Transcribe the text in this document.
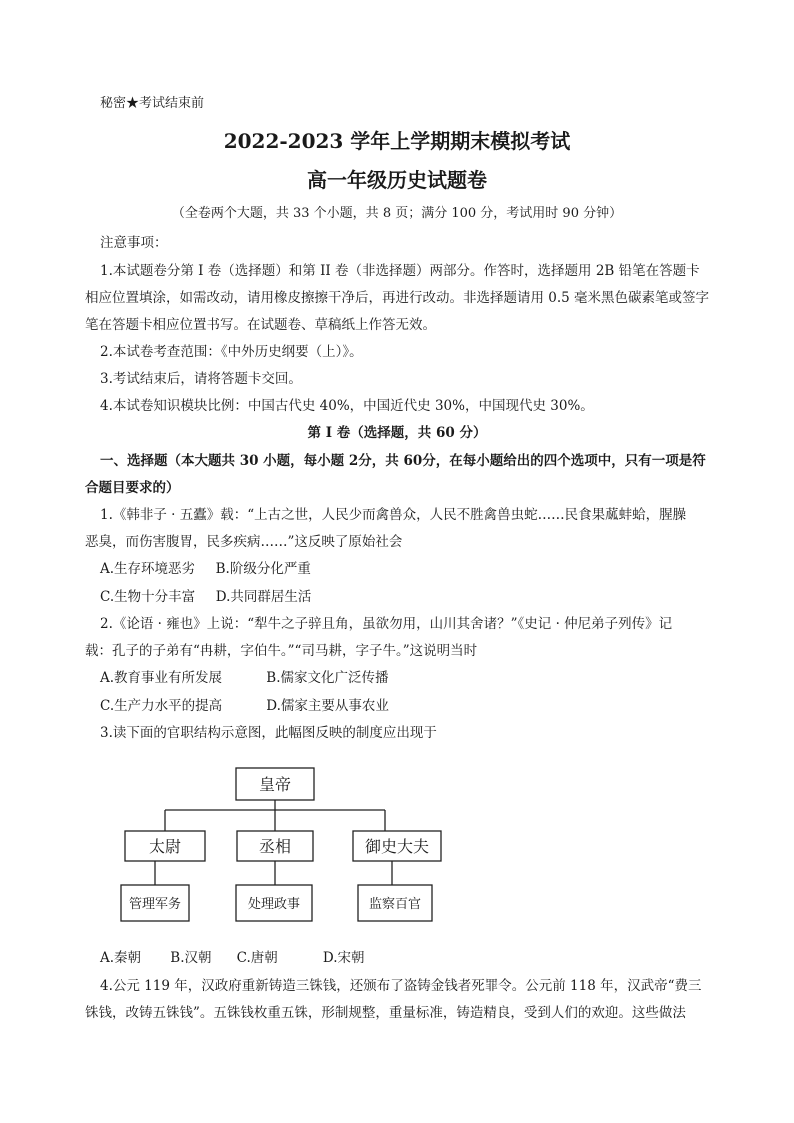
秘密★考试结束前
2022-2023 学年上学期期末模拟考试
高一年级历史试题卷
（全卷两个大题，共 33 个小题，共 8 页；满分 100 分，考试用时 90 分钟）
注意事项：
1.本试题卷分第 I 卷（选择题）和第 II 卷（非选择题）两部分。作答时，选择题用 2B 铅笔在答题卡
相应位置填涂，如需改动，请用橡皮擦擦干净后，再进行改动。非选择题请用 0.5 毫米黑色碳素笔或签字
笔在答题卡相应位置书写。在试题卷、草稿纸上作答无效。
2.本试卷考查范围：《中外历史纲要（上）》。
3.考试结束后，请将答题卡交回。
4.本试卷知识模块比例：中国古代史 40%，中国近代史 30%，中国现代史 30%。
第 I 卷（选择题，共 60 分）
一、选择题（本大题共 30 小题，每小题 2分，共 60分，在每小题给出的四个选项中，只有一项是符
合题目要求的）
1.《韩非子 · 五蠹》载：“上古之世，人民少而禽兽众，人民不胜禽兽虫蛇……民食果蓏蚌蛤，腥臊
恶臭，而伤害腹胃，民多疾病……”这反映了原始社会
A.生存环境恶劣 B.阶级分化严重
C.生物十分丰富 D.共同群居生活
2.《论语 · 雍也》上说：“犁牛之子骍且角，虽欲勿用，山川其舍诸？”《史记 · 仲尼弟子列传》记
载：孔子的子弟有“冉耕，字伯牛。”“司马耕，字子牛。”这说明当时
A.教育事业有所发展	B.儒家文化广泛传播
C.生产力水平的提高	D.儒家主要从事农业
3.读下面的官职结构示意图，此幅图反映的制度应出现于
皇帝
太尉	丞相	御史大夫
管理军务	处理政事	监察百官
A.秦朝 B.汉朝 C.唐朝	D.宋朝
4.公元 119 年，汉政府重新铸造三铢钱，还颁布了盗铸金钱者死罪令。公元前 118 年，汉武帝“费三
铢钱，改铸五铢钱”。五铢钱枚重五铢，形制规整，重量标准，铸造精良，受到人们的欢迎。这些做法
